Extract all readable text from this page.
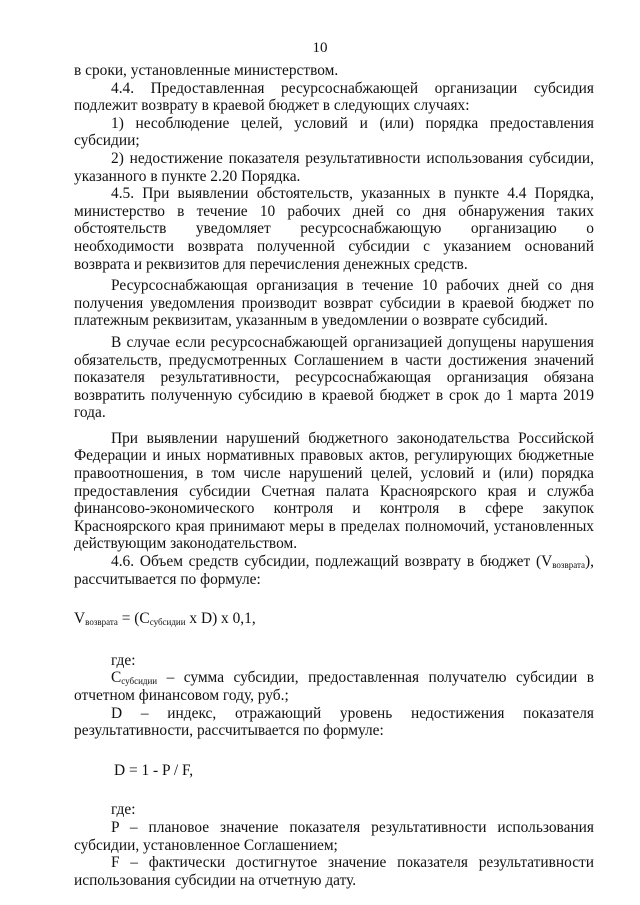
10

в сроки, установленные министерством.

4.4. Предоставленная ресурсоснабжающей организации субсидия подлежит возврату в краевой бюджет в следующих случаях:

1) несоблюдение целей, условий и (или) порядка предоставления субсидии;

2) недостижение показателя результативности использования субсидии, указанного в пункте 2.20 Порядка.

4.5. При выявлении обстоятельств, указанных в пункте 4.4 Порядка, министерство в течение 10 рабочих дней со дня обнаружения таких обстоятельств уведомляет ресурсоснабжающую организацию о необходимости возврата полученной субсидии с указанием оснований возврата и реквизитов для перечисления денежных средств.

Ресурсоснабжающая организация в течение 10 рабочих дней со дня получения уведомления производит возврат субсидии в краевой бюджет по платежным реквизитам, указанным в уведомлении о возврате субсидий.

В случае если ресурсоснабжающей организацией допущены нарушения обязательств, предусмотренных Соглашением в части достижения значений показателя результативности, ресурсоснабжающая организация обязана возвратить полученную субсидию в краевой бюджет в срок до 1 марта 2019 года.

При выявлении нарушений бюджетного законодательства Российской Федерации и иных нормативных правовых актов, регулирующих бюджетные правоотношения, в том числе нарушений целей, условий и (или) порядка предоставления субсидии Счетная палата Красноярского края и служба финансово-экономического контроля и контроля в сфере закупок Красноярского края принимают меры в пределах полномочий, установленных действующим законодательством.

4.6. Объем средств субсидии, подлежащий возврату в бюджет $(V_{возврата})$, рассчитывается по формуле:

$V_{возврата} = (C_{субсидии}$ x D) x 0,1,

где:

$C_{субсидии}$ – сумма субсидии, предоставленная получателю субсидии в отчетном финансовом году, руб.;

D – индекс, отражающий уровень недостижения показателя результативности, рассчитывается по формуле:

D = 1 - P / F,

где:

P – плановое значение показателя результативности использования субсидии, установленное Соглашением;

F – фактически достигнутое значение показателя результативности использования субсидии на отчетную дату.
